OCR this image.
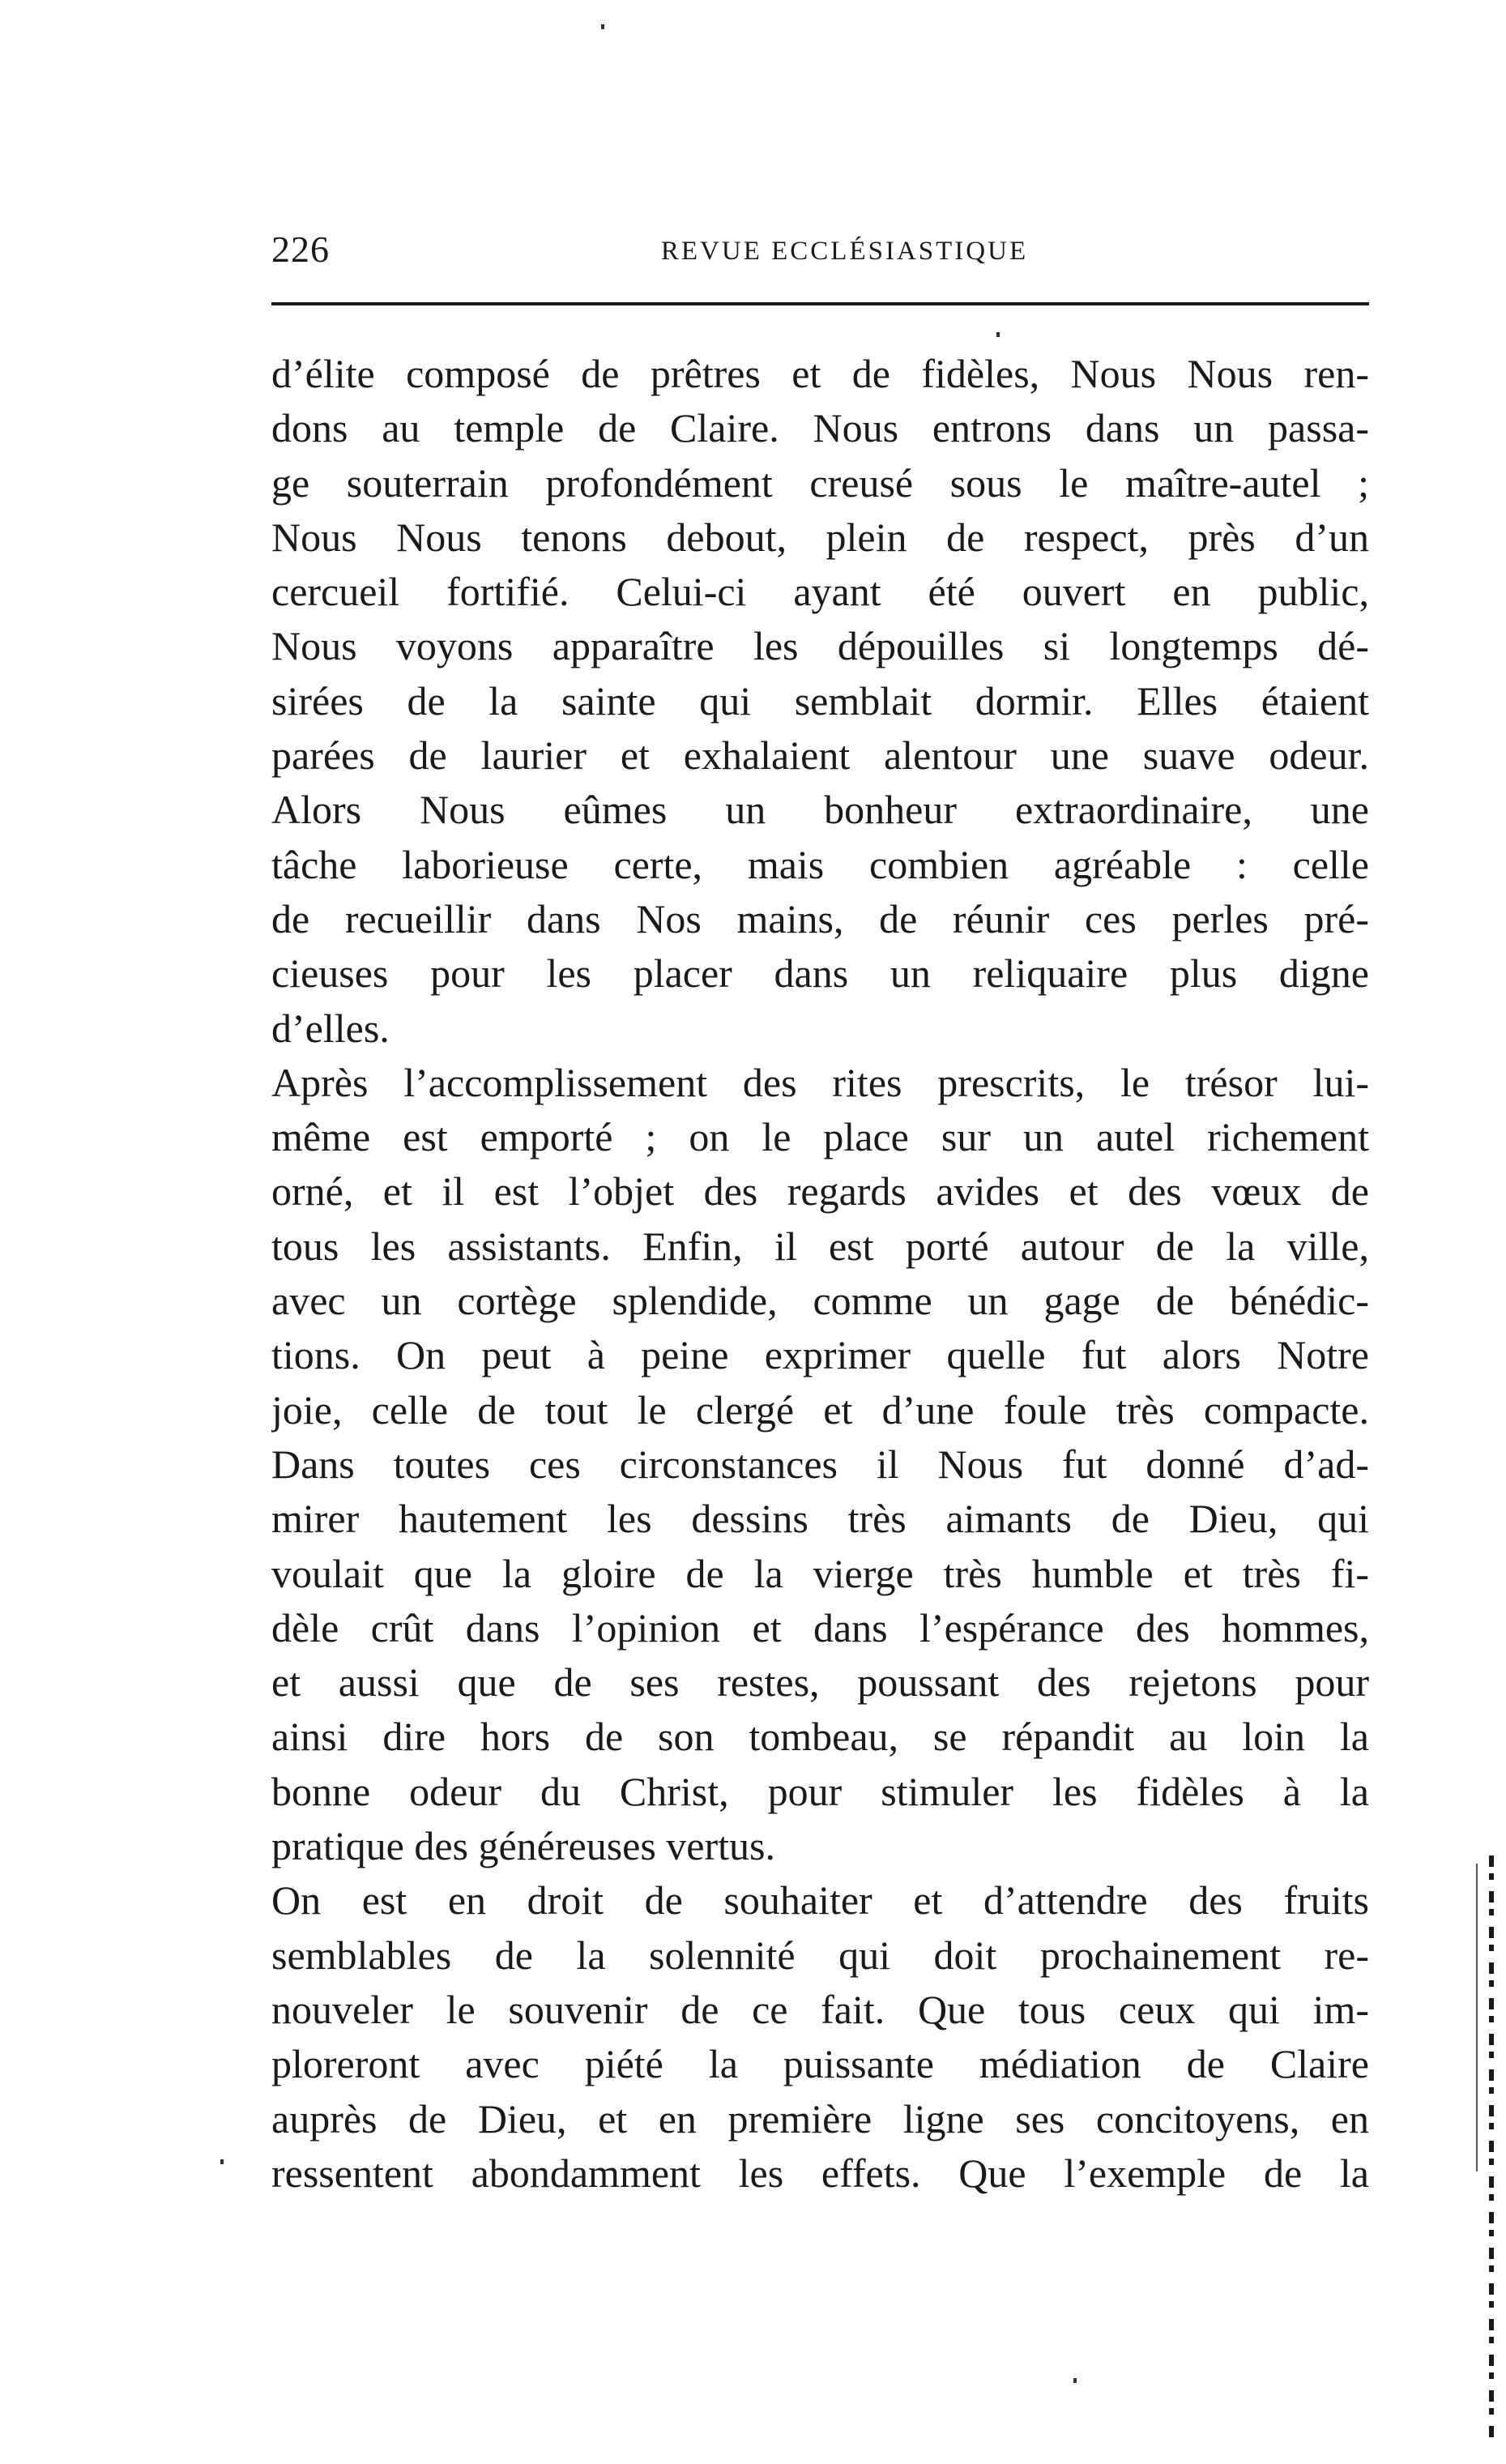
226	REVUE ECCLÉSIASTIQUE
d’élite composé de prêtres et de fidèles, Nous Nous ren-
dons au temple de Claire. Nous entrons dans un passa-
ge souterrain profondément creusé sous le maître-autel ;
Nous Nous tenons debout, plein de respect, près d’un
cercueil fortifié. Celui-ci ayant été ouvert en public,
Nous voyons apparaître les dépouilles si longtemps dé-
sirées de la sainte qui semblait dormir. Elles étaient
parées de laurier et exhalaient alentour une suave odeur.
Alors Nous eûmes un bonheur extraordinaire, une
tâche laborieuse certe, mais combien agréable : celle
de recueillir dans Nos mains, de réunir ces perles pré-
cieuses pour les placer dans un reliquaire plus digne
d’elles.
Après l’accomplissement des rites prescrits, le trésor lui-
même est emporté ; on le place sur un autel richement
orné, et il est l’objet des regards avides et des vœux de
tous les assistants. Enfin, il est porté autour de la ville,
avec un cortège splendide, comme un gage de bénédic-
tions. On peut à peine exprimer quelle fut alors Notre
joie, celle de tout le clergé et d’une foule très compacte.
Dans toutes ces circonstances il Nous fut donné d’ad-
mirer hautement les dessins très aimants de Dieu, qui
voulait que la gloire de la vierge très humble et très fi-
dèle crût dans l’opinion et dans l’espérance des hommes,
et aussi que de ses restes, poussant des rejetons pour
ainsi dire hors de son tombeau, se répandit au loin la
bonne odeur du Christ, pour stimuler les fidèles à la
pratique des généreuses vertus.
On est en droit de souhaiter et d’attendre des fruits
semblables de la solennité qui doit prochainement re-
nouveler le souvenir de ce fait. Que tous ceux qui im-
ploreront avec piété la puissante médiation de Claire
auprès de Dieu, et en première ligne ses concitoyens, en
ressentent abondamment les effets. Que l’exemple de la
